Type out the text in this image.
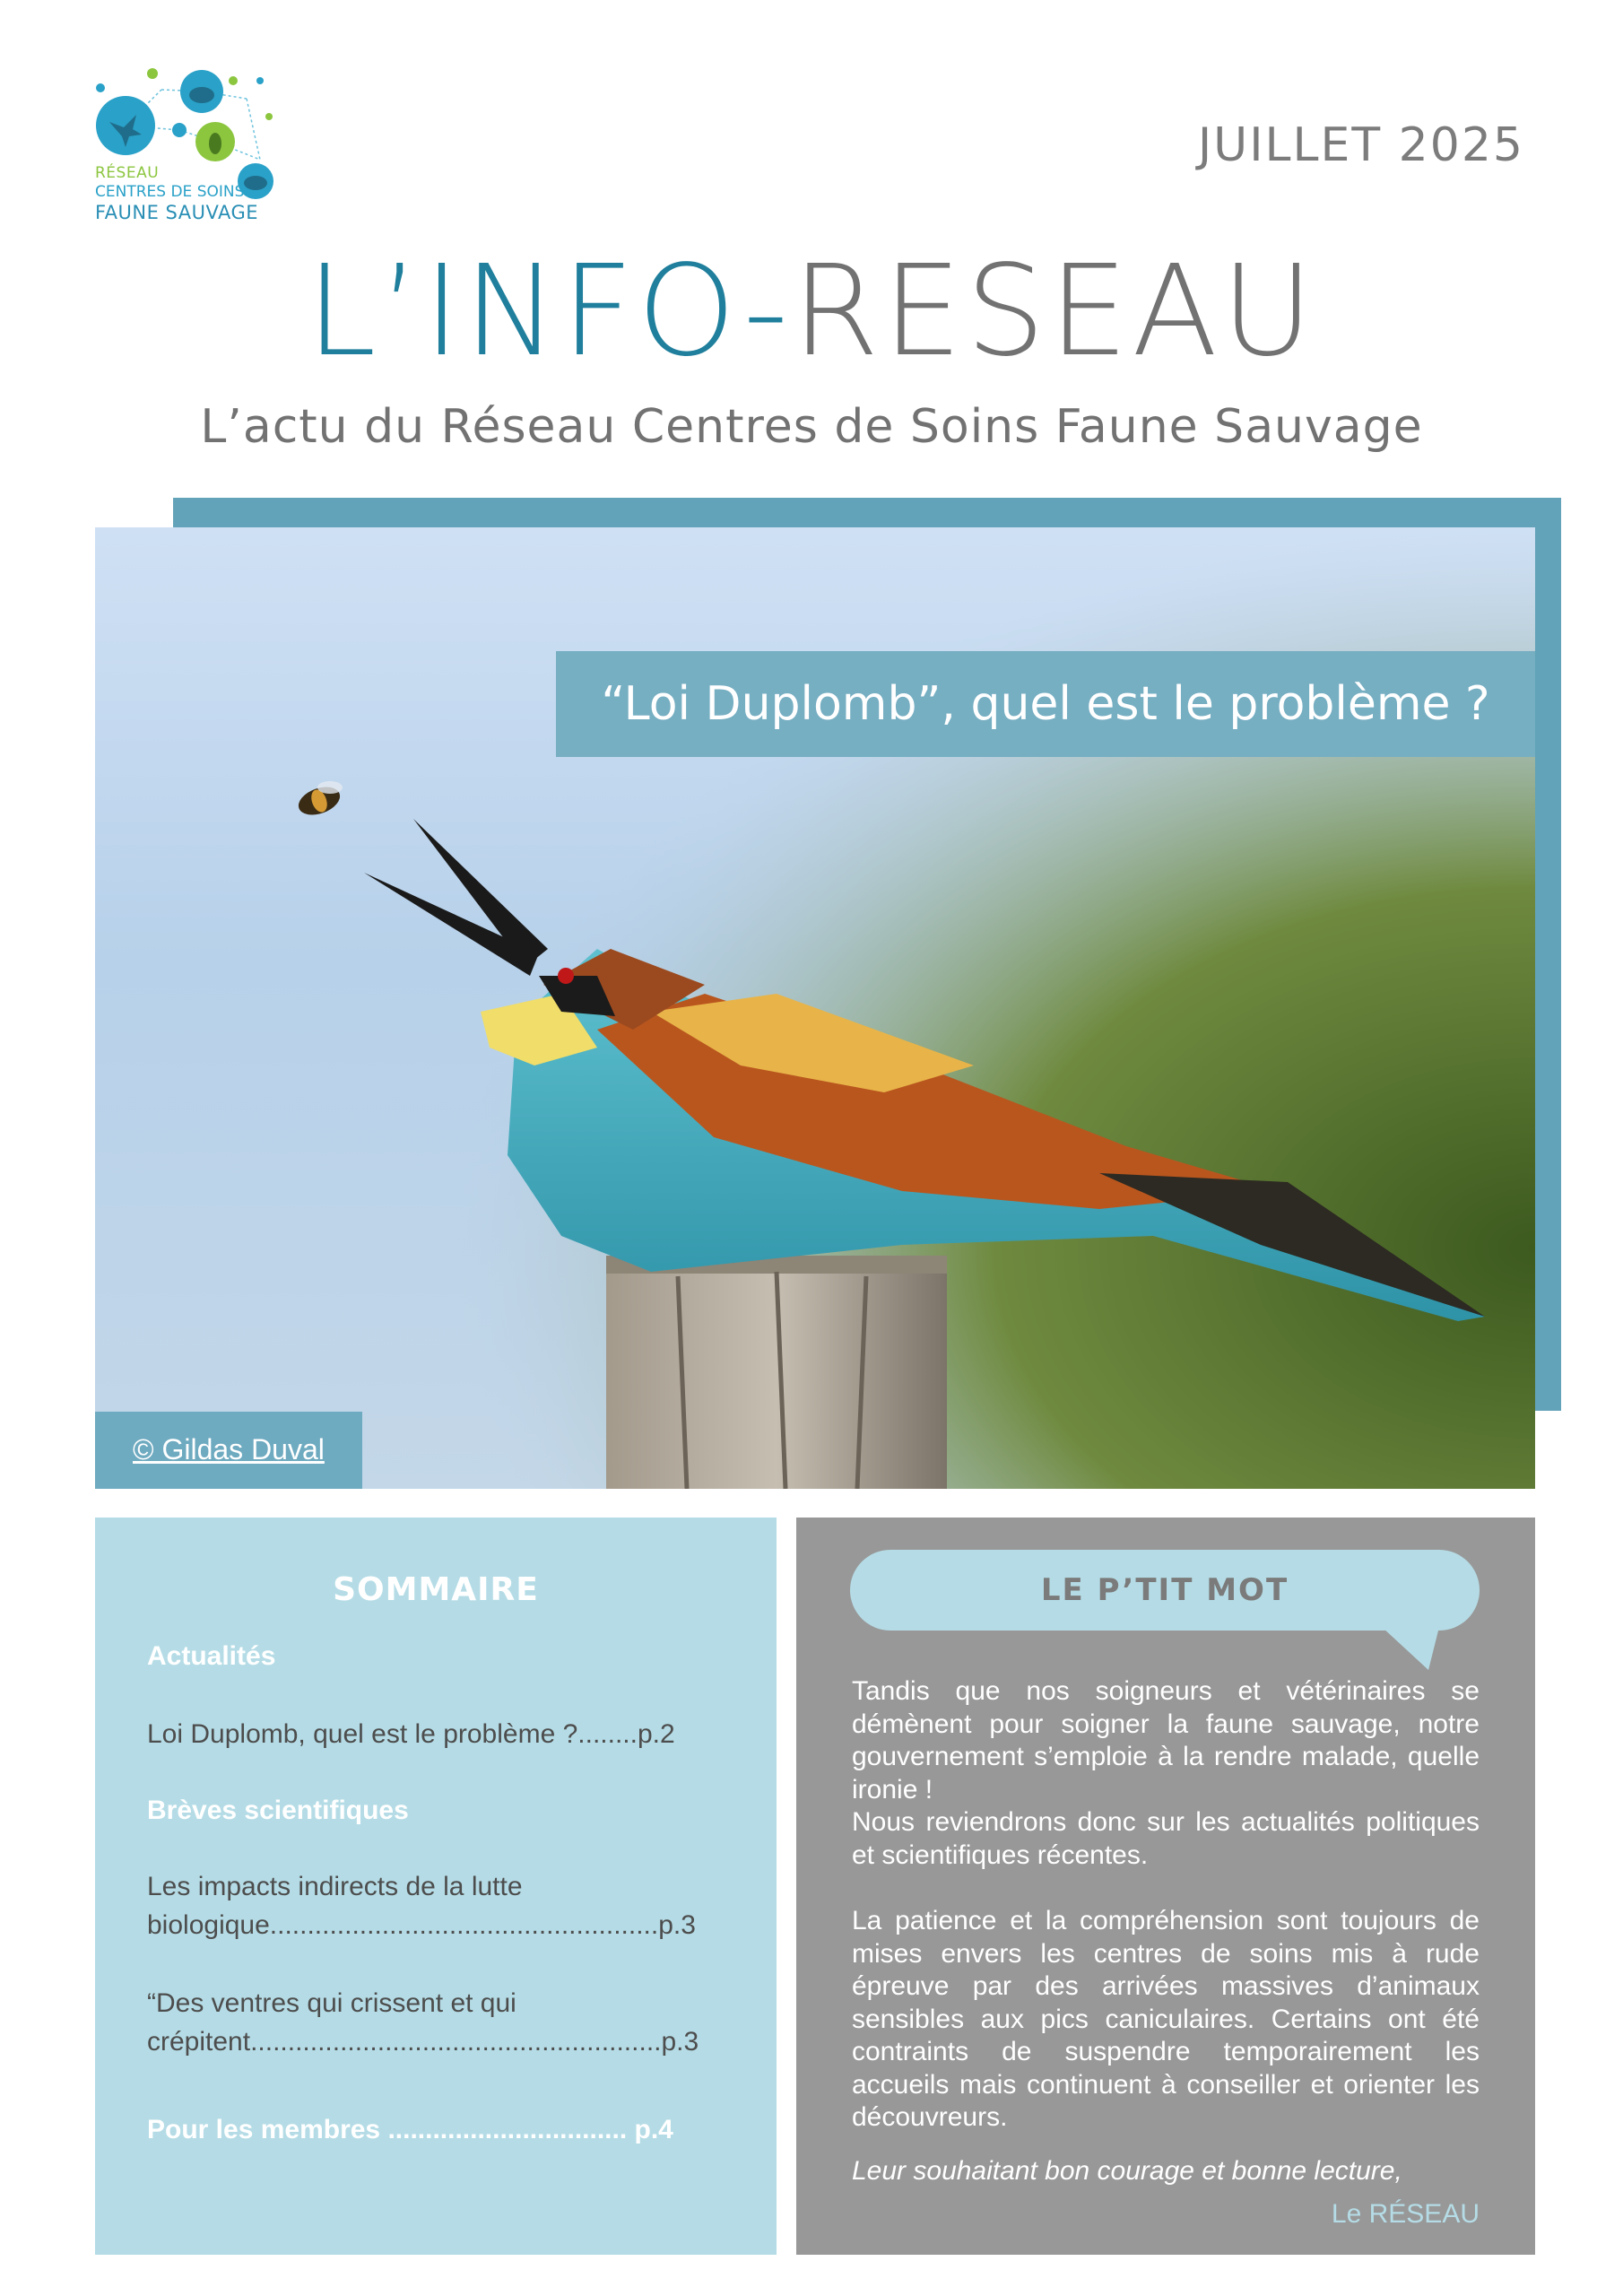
RÉSEAU
CENTRES DE SOINS
FAUNE SAUVAGE
JUILLET 2025
L’INFO-RESEAU
L’actu du Réseau Centres de Soins Faune Sauvage
“Loi Duplomb”, quel est le problème ?
© Gildas Duval
SOMMAIRE
Actualités
Loi Duplomb, quel est le problème ?........p.2
Brèves scientifiques
Les impacts indirects de la lutte
biologique....................................................p.3
“Des ventres qui crissent et qui
crépitent.......................................................p.3
Pour les membres ................................ p.4
LE P’TIT MOT
Tandis que nos soigneurs et vétérinaires se démènent pour soigner la faune sauvage, notre gouvernement s’emploie à la rendre malade, quelle ironie !
Nous reviendrons donc sur les actualités politiques et scientifiques récentes.
La patience et la compréhension sont toujours de mises envers les centres de soins mis à rude épreuve par des arrivées massives d’animaux sensibles aux pics caniculaires. Certains ont été contraints de suspendre temporairement les accueils mais continuent à conseiller et orienter les découvreurs.
Leur souhaitant bon courage et bonne lecture,
Le RÉSEAU
